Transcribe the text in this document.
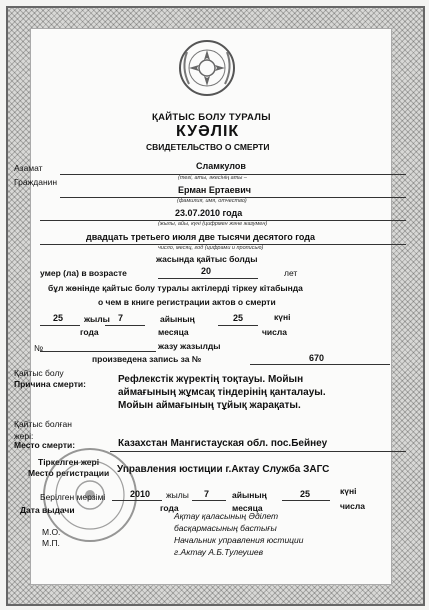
ҚАЙТЫС БОЛУ ТУРАЛЫ
КУӘЛІК
СВИДЕТЕЛЬСТВО О СМЕРТИ
Азамат	Сламкулов
(тегі, аты, әкесінің аты –
Гражданин
Ерман Ертаевич
(фамилия, имя, отчество)
23.07.2010 года
(жылы, айы, күні (цифрмен және жазумен)
двадцать третьего июля две тысячи десятого года
число, месяц, год (цифрами и прописью)
жасында қайтыс болды
умер (ла) в возрасте	20	лет
бұл жөнінде қайтыс болу туралы актілерді тіркеу кітабында
о чем в книге регистрации актов о смерти
25 жылы
года
7	айының
месяца
25	күні
числа
№	жазу жазылды
произведена запись за №	670
Қайтыс болу
Причина смерти:	Рефлекстік жүректің тоқтауы. Мойын
аймағының жұмсақ тіндерінің қанталауы.
Мойын аймағының тұйық жарақаты.
Қайтыс болған
жері:
Место смерти:	Казахстан Мангистауская обл. пос.Бейнеу
Тіркелген жері
Место регистрации Управления юстиции г.Актау Служба ЗАГС
Берілген мерзімі
Дата выдачи
2010 жылы
года
7	айының
месяца
25	күні
числа
М.О.
М.П.
Ақтау қаласының Әділет
басқармасының бастығы
Начальник управления юстиции
г.Актау А.Б.Тулеушев
